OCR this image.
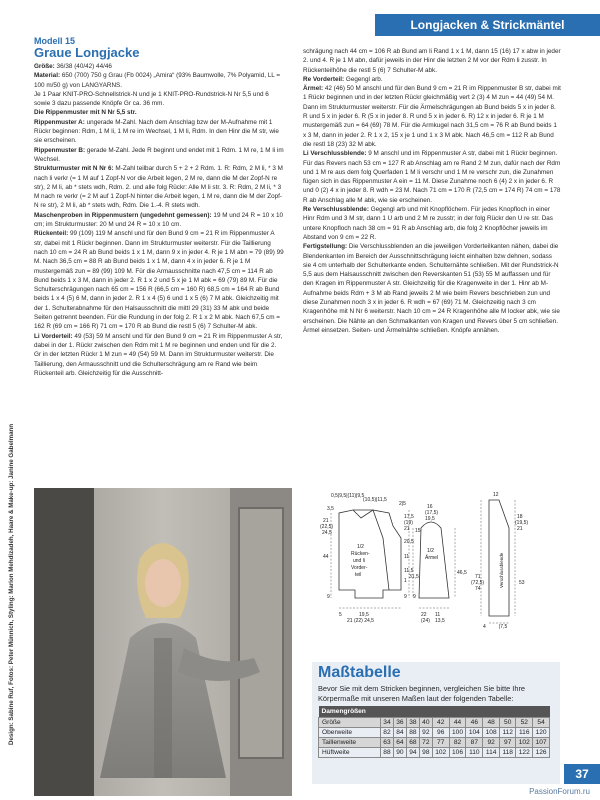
Longjacken & Strickmäntel

Modell 15

Graue Longjacke

Größe: 36/38 (40/42) 44/46

Material: 650 (700) 750 g Grau (Fb 0024) „Amira“ (93% Baumwolle, 7% Polyamid, LL = 100 m/50 g) von LANGYARNS.

Je 1 Paar KNIT-PRO-Schnellstrick-N und je 1 KNIT-PRO-Rundstrick-N Nr 5,5 und 6 sowie 3 dazu passende Knöpfe Gr ca. 36 mm.

Die Rippenmuster mit N Nr 5,5 str.

Rippenmuster A: ungerade M-Zahl. Nach dem Anschlag bzw der M-Aufnahme mit 1 Rückr beginnen: Rdm, 1 M li, 1 M re im Wechsel, 1 M li, Rdm. In den Hinr die M str, wie sie erscheinen.

Rippenmuster B: gerade M-Zahl. Jede R beginnt und endet mit 1 Rdm. 1 M re, 1 M li im Wechsel.

Strukturmuster mit N Nr 6: M-Zahl teilbar durch 5 + 2 + 2 Rdm. 1. R: Rdm, 2 M li, * 3 M nach li verkr (= 1 M auf 1 Zopf-N vor die Arbeit legen, 2 M re, dann die M der Zopf-N re str), 2 M li, ab * stets wdh, Rdm. 2. und alle folg Rückr: Alle M li str. 3. R: Rdm, 2 M li, * 3 M nach re verkr (= 2 M auf 1 Zopf-N hinter die Arbeit legen, 1 M re, dann die M der Zopf-N re str), 2 M li, ab * stets wdh, Rdm. Die 1.-4. R stets wdh.

Maschenproben in Rippenmustern (ungedehnt gemessen): 19 M und 24 R = 10 x 10 cm; im Strukturmuster: 20 M und 24 R = 10 x 10 cm.

Rückenteil: 99 (109) 119 M anschl und für den Bund 9 cm = 21 R im Rippenmuster A str, dabei mit 1 Rückr beginnen. Dann im Strukturmuster weiterstr. Für die Taillierung nach 10 cm = 24 R ab Bund beids 1 x 1 M, dann 9 x in jeder 4. R je 1 M abn = 79 (89) 99 M. Nach 36,5 cm = 88 R ab Bund beids 1 x 1 M, dann 4 x in jeder 6. R je 1 M mustergemäß zun = 89 (99) 109 M. Für die Armausschnitte nach 47,5 cm = 114 R ab Bund beids 1 x 3 M, dann in jeder 2. R 1 x 2 und 5 x je 1 M abk = 69 (79) 89 M. Für die Schulterschrägungen nach 65 cm = 156 R (66,5 cm = 160 R) 68,5 cm = 164 R ab Bund beids 1 x 4 (5) 6 M, dann in jeder 2. R 1 x 4 (5) 6 und 1 x 5 (6) 7 M abk. Gleichzeitig mit der 1. Schulterabnahme für den Halsausschnitt die mittl 29 (31) 33 M abk und beide Seiten getrennt beenden. Für die Rundung in der folg 2. R 1 x 2 M abk. Nach 67,5 cm = 162 R (69 cm = 166 R) 71 cm = 170 R ab Bund die restl 5 (6) 7 Schulter-M abk.

Li Vorderteil: 49 (53) 59 M anschl und für den Bund 9 cm = 21 R im Rippenmuster A str, dabei in der 1. Rückr zwischen den Rdm mit 1 M re beginnen und enden und für die 2. Gr in der letzten Rückr 1 M zun = 49 (54) 59 M. Dann im Strukturmuster weiterstr. Die Taillierung, den Armausschnitt und die Schulterschrägung am re Rand wie beim Rückenteil arb. Gleichzeitig für die Ausschnitt-

schrägung nach 44 cm = 106 R ab Bund am li Rand 1 x 1 M, dann 15 (16) 17 x abw in jeder 2. und 4. R je 1 M abn, dafür jeweils in der Hinr die letzten 2 M vor der Rdm li zusstr. In Rückenteilhöhe die restl 5 (6) 7 Schulter-M abk.

Re Vorderteil: Gegengl arb.

Ärmel: 42 (46) 50 M anschl und für den Bund 9 cm = 21 R im Rippenmuster B str, dabei mit 1 Rückr beginnen und in der letzten Rückr gleichmäßig vert 2 (3) 4 M zun = 44 (49) 54 M. Dann im Strukturmuster weiterstr. Für die Ärmelschrägungen ab Bund beids 5 x in jeder 8. R und 5 x in jeder 6. R (5 x in jeder 8. R und 5 x in jeder 6. R) 12 x in jeder 6. R je 1 M mustergemäß zun = 64 (69) 78 M. Für die Armkugel nach 31,5 cm = 76 R ab Bund beids 1 x 3 M, dann in jeder 2. R 1 x 2, 15 x je 1 und 1 x 3 M abk. Nach 46,5 cm = 112 R ab Bund die restl 18 (23) 32 M abk.

Li Verschlussblende: 9 M anschl und im Rippenmuster A str, dabei mit 1 Rückr beginnen. Für das Revers nach 53 cm = 127 R ab Anschlag am re Rand 2 M zun, dafür nach der Rdm und 1 M re aus dem folg Querfaden 1 M li verschr und 1 M re verschr zun, die Zunahmen fügen sich in das Rippenmuster A ein = 11 M. Diese Zunahme noch 6 (4) 2 x in jeder 6. R und 0 (2) 4 x in jeder 8. R wdh = 23 M. Nach 71 cm = 170 R (72,5 cm = 174 R) 74 cm = 178 R ab Anschlag alle M abk, wie sie erscheinen.

Re Verschlussblende: Gegengl arb und mit Knopflöchern. Für jedes Knopfloch in einer Hinr Rdm und 3 M str, dann 1 U arb und 2 M re zusstr; in der folg Rückr den U re str. Das untere Knopfloch nach 38 cm = 91 R ab Anschlag arb, die folg 2 Knopflöcher jeweils im Abstand von 9 cm = 22 R.

Fertigstellung: Die Verschlussblenden an die jeweiligen Vorderteilkanten nähen, dabei die Blendenkanten im Bereich der Ausschnittschrägung leicht einhalten bzw dehnen, sodass sie 4 cm unterhalb der Schulterkante enden. Schulternähte schließen. Mit der Rundstrick-N 5,5 aus dem Halsausschnitt zwischen den Reverskanten 51 (53) 55 M auffassen und für den Kragen im Rippenmuster A str. Gleichzeitig für die Kragenweite in der 1. Hinr ab M-Aufnahme beids Rdm + 3 M ab Rand jeweils 2 M wie beim Revers beschrieben zun und diese Zunahmen noch 3 x in jeder 6. R wdh = 67 (69) 71 M. Gleichzeitig nach 3 cm Kragenhöhe mit N Nr 6 weiterstr. Nach 10 cm = 24 R Kragenhöhe alle M locker abk, wie sie erscheinen. Die Nähte an den Schmalkanten von Kragen und Revers über 5 cm schließen. Ärmel einsetzen. Seiten- und Ärmelnähte schließen. Knöpfe annähen.

Design: Sabine Ruf, Fotos: Peter Münnich, Styling: Marion Mehdizadeh, Haare & Make-up: Janine Gabelmann	0,5|9,5|(11)|9,5
(10,5)|11,5
2|5
3,5
17,5
(19)
21
21
(22,5)
24,5
20,5
11
11,5
44
1
9	9
19,5
21 (22) 24,5
5
1/2
Rücken-
und li
Vorder-
teil
1/2
Ärmel
16
(17,5)
19,5
15
31,5
46,5
9
22 11
(24) 13,5
12
18
(19,5)
21
71
(72,5)
74
53
4	|7,5
Verschlussblende
Maßtabelle
Bevor Sie mit dem Stricken beginnen, vergleichen Sie bitte Ihre Körpermaße mit unseren Maßen laut der folgenden Tabelle:
Damengrößen											
Größe	34	36	38	40	42	44	46	48	50	52	54
Oberweite	82	84	88	92	96	100	104	108	112	116	120
Taillenweite	63	64	68	72	77	82	87	92	97	102	107
Hüftweite	88	90	94	98	102	106	110	114	118	122	126
37
PassionForum.ru
